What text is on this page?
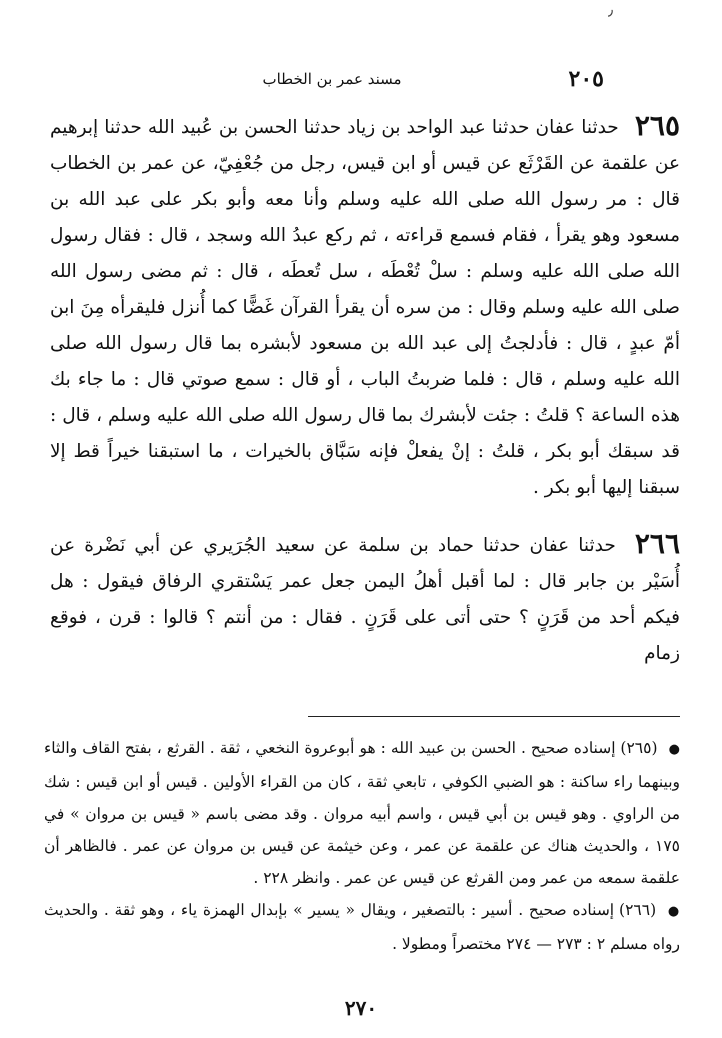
٫
٢٠٥
مسند عمر بن الخطاب

٢٦٥ حدثنا عفان حدثنا عبد الواحد بن زياد حدثنا الحسن بن عُبيد الله حدثنا إبرهيم عن علقمة عن القَرْثَع عن قيس أو ابن قيس، رجل من جُعْفِيّ، عن عمر بن الخطاب قال : مر رسول الله صلى الله عليه وسلم وأنا معه وأبو بكر على عبد الله بن مسعود وهو يقرأ ، فقام فسمع قراءته ، ثم ركع عبدُ الله وسجد ، قال : فقال رسول الله صلى الله عليه وسلم : سلْ تُعْطَه ، سل تُعطَه ، قال : ثم مضى رسول الله صلى الله عليه وسلم وقال : من سره أن يقرأ القرآن غَضًّا كما أُنزل فليقرأه مِنَ ابن أمّ عبدٍ ، قال : فأدلجتُ إلى عبد الله بن مسعود لأبشره بما قال رسول الله صلى الله عليه وسلم ، قال : فلما ضربتُ الباب ، أو قال : سمع صوتي قال : ما جاء بك هذه الساعة ؟ قلتُ : جئت لأبشرك بما قال رسول الله صلى الله عليه وسلم ، قال : قد سبقك أبو بكر ، قلتُ : إنْ يفعلْ فإنه سَبَّاق بالخيرات ، ما استبقنا خيراً قط إلا سبقنا إليها أبو بكر .

٢٦٦ حدثنا عفان حدثنا حماد بن سلمة عن سعيد الجُرَيري عن أبي نَضْرة عن أُسَيْر بن جابر قال : لما أقبل أهلُ اليمن جعل عمر يَسْتقري الرفاق فيقول : هل فيكم أحد من قَرَنٍ ؟ حتى أتى على قَرَنٍ . فقال : من أنتم ؟ قالوا : قرن ، فوقع زمام

● (٢٦٥) إسناده صحيح . الحسن بن عبيد الله : هو أبوعروة النخعي ، ثقة . القرثع ، بفتح القاف والثاء وبينهما راء ساكنة : هو الضبي الكوفي ، تابعي ثقة ، كان من القراء الأولين . قيس أو ابن قيس : شك من الراوي . وهو قيس بن أبي قيس ، واسم أبيه مروان . وقد مضى باسم « قيس بن مروان » في ١٧٥ ، والحديث هناك عن علقمة عن عمر ، وعن خيثمة عن قيس بن مروان عن عمر . فالظاهر أن علقمة سمعه من عمر ومن القرثع عن قيس عن عمر . وانظر ٢٢٨ .

● (٢٦٦) إسناده صحيح . أسير : بالتصغير ، ويقال « يسير » بإبدال الهمزة ياء ، وهو ثقة . والحديث رواه مسلم ٢ : ٢٧٣ — ٢٧٤ مختصراً ومطولا .

٢٧٠
